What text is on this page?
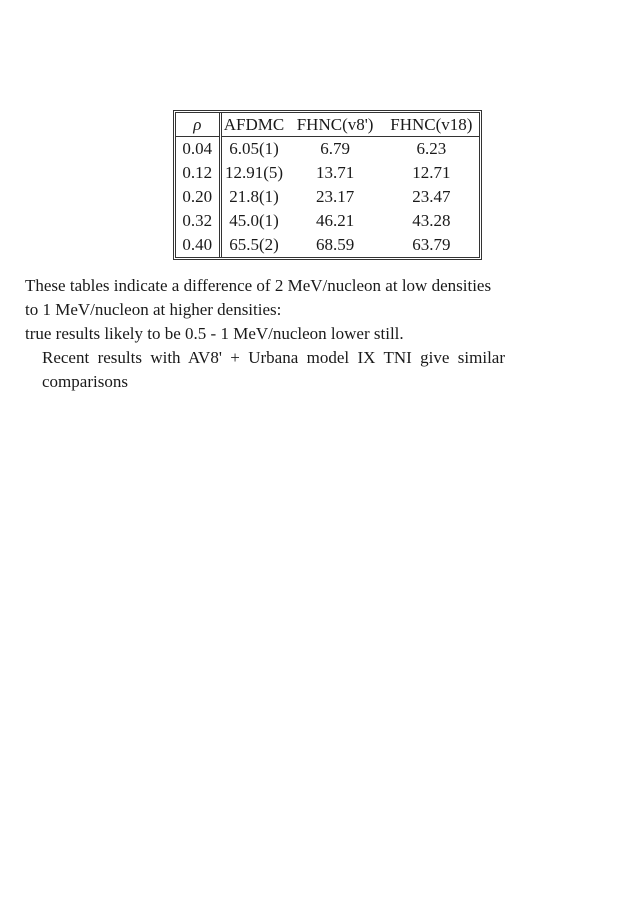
ρ	AFDMC	FHNC(v8')	FHNC(v18)
0.04	6.05(1)	6.79	6.23
0.12	12.91(5)	13.71	12.71
0.20	21.8(1)	23.17	23.47
0.32	45.0(1)	46.21	43.28
0.40	65.5(2)	68.59	63.79

These tables indicate a difference of 2 MeV/nucleon at low densities
to 1 MeV/nucleon at higher densities:
true results likely to be 0.5 - 1 MeV/nucleon lower still.

Recent results with AV8' + Urbana model IX TNI give similar
comparisons
